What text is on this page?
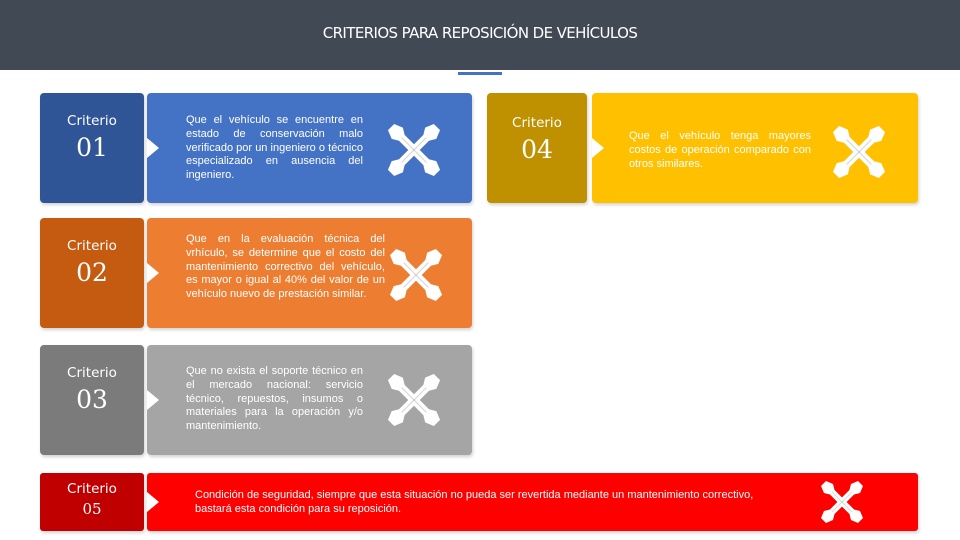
CRITERIOS PARA REPOSICIÓN DE VEHÍCULOS
Criterio
01
Que el vehículo se encuentre en estado de conservación malo verificado por un ingeniero o técnico especializado en ausencia del ingeniero.
Criterio
02
Que en la evaluación técnica del vrhículo, se determine que el costo del mantenimiento correctivo del vehículo, es mayor o igual al 40% del valor de un vehículo nuevo de prestación similar.
Criterio
03
Que no exista el soporte técnico en el mercado nacional: servicio técnico, repuestos, insumos o materiales para la operación y/o mantenimiento.
Criterio
04	Que el vehículo tenga mayores costos de operación comparado con otros similares.
Criterio
05
Condición de seguridad, siempre que esta situación no pueda ser revertida mediante un mantenimiento correctivo, bastará esta condición para su reposición.
